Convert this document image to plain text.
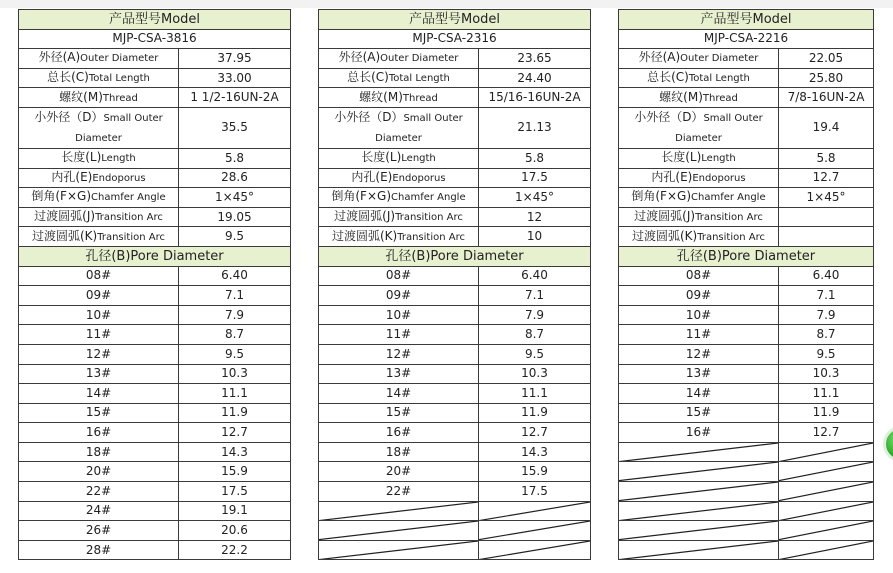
产品型号Model	
MJP-CSA-3816	
外径(A)Outer Diameter	37.95
总长(C)Total Length	33.00
螺纹(M)Thread	1 1/2-16UN-2A
小外径（D）Small Outer Diameter	35.5
长度(L)Length	5.8
内孔(E)Endoporus	28.6
倒角(F×G)Chamfer Angle	1×45°
过渡圆弧(J)Transition Arc	19.05
过渡圆弧(K)Transition Arc	9.5
孔径(B)Pore Diameter	
08#	6.40
09#	7.1
10#	7.9
11#	8.7
12#	9.5
13#	10.3
14#	11.1
15#	11.9
16#	12.7
18#	14.3
20#	15.9
22#	17.5
24#	19.1
26#	20.6
28#	22.2
产品型号Model	
MJP-CSA-2316	
外径(A)Outer Diameter	23.65
总长(C)Total Length	24.40
螺纹(M)Thread	15/16-16UN-2A
小外径（D）Small Outer Diameter	21.13
长度(L)Length	5.8
内孔(E)Endoporus	17.5
倒角(F×G)Chamfer Angle	1×45°
过渡圆弧(J)Transition Arc	12
过渡圆弧(K)Transition Arc	10
孔径(B)Pore Diameter	
08#	6.40
09#	7.1
10#	7.9
11#	8.7
12#	9.5
13#	10.3
14#	11.1
15#	11.9
16#	12.7
18#	14.3
20#	15.9
22#	17.5

产品型号Model	
MJP-CSA-2216	
外径(A)Outer Diameter	22.05
总长(C)Total Length	25.80
螺纹(M)Thread	7/8-16UN-2A
小外径（D）Small Outer Diameter	19.4
长度(L)Length	5.8
内孔(E)Endoporus	12.7
倒角(F×G)Chamfer Angle	1×45°
过渡圆弧(J)Transition Arc	
过渡圆弧(K)Transition Arc	
孔径(B)Pore Diameter	
08#	6.40
09#	7.1
10#	7.9
11#	8.7
12#	9.5
13#	10.3
14#	11.1
15#	11.9
16#	12.7
